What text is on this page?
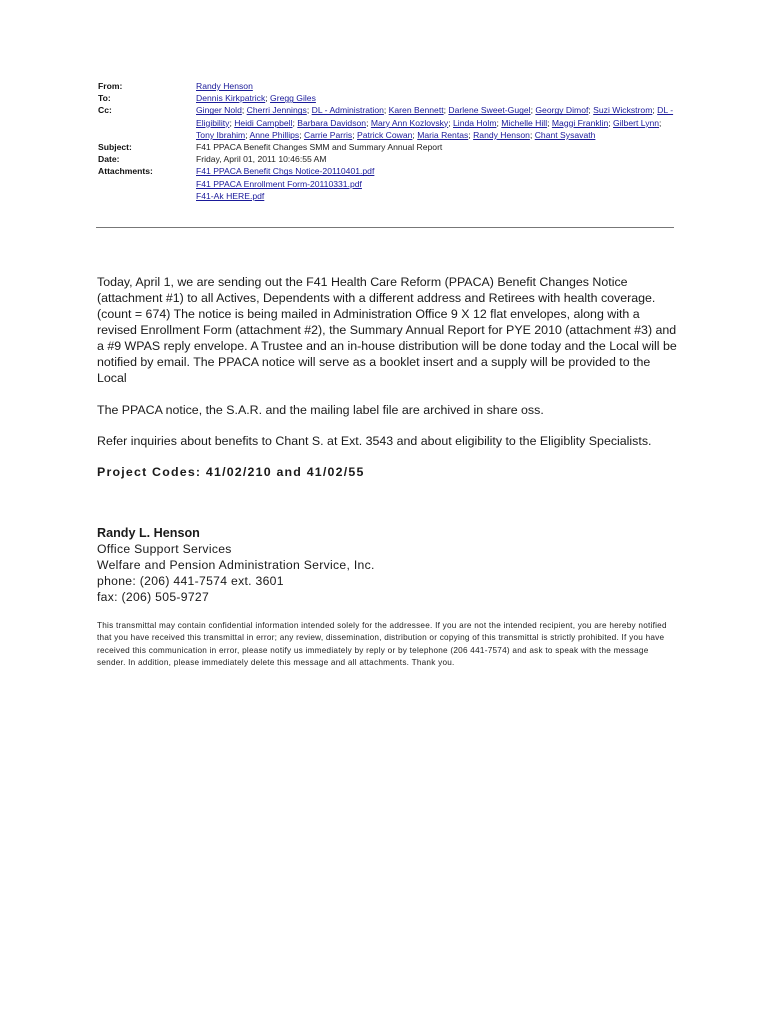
From:	Randy Henson
To:	Dennis Kirkpatrick; Gregg Giles
Cc:	Ginger Nold; Cherri Jennings; DL - Administration; Karen Bennett; Darlene Sweet-Gugel; Georgy Dimof; Suzi Wickstrom; DL - Eligibility; Heidi Campbell; Barbara Davidson; Mary Ann Kozlovsky; Linda Holm; Michelle Hill; Maggi Franklin; Gilbert Lynn; Tony Ibrahim; Anne Phillips; Carrie Parris; Patrick Cowan; Maria Rentas; Randy Henson; Chant Sysavath
Subject:	F41 PPACA Benefit Changes SMM and Summary Annual Report
Date:	Friday, April 01, 2011 10:46:55 AM
Attachments:	F41 PPACA Benefit Chgs Notice-20110401.pdf
F41 PPACA Enrollment Form-20110331.pdf
F41-Ak HERE.pdf

Today, April 1, we are sending out the F41 Health Care Reform (PPACA) Benefit Changes Notice (attachment #1) to all Actives, Dependents with a different address and Retirees with health coverage. (count = 674) The notice is being mailed in Administration Office 9 X 12 flat envelopes, along with a revised Enrollment Form (attachment #2), the Summary Annual Report for PYE 2010 (attachment #3) and a #9 WPAS reply envelope. A Trustee and an in-house distribution will be done today and the Local will be notified by email. The PPACA notice will serve as a booklet insert and a supply will be provided to the Local

The PPACA notice, the S.A.R. and the mailing label file are archived in share oss.

Refer inquiries about benefits to Chant S. at Ext. 3543 and about eligibility to the Eligiblity Specialists.

Project Codes: 41/02/210 and 41/02/55

Randy L. Henson
Office Support Services
Welfare and Pension Administration Service, Inc.
phone: (206) 441-7574 ext. 3601
fax: (206) 505-9727
This transmittal may contain confidential information intended solely for the addressee. If you are not the intended recipient, you are hereby notified that you have received this transmittal in error; any review, dissemination, distribution or copying of this transmittal is strictly prohibited. If you have received this communication in error, please notify us immediately by reply or by telephone (206 441-7574) and ask to speak with the message sender. In addition, please immediately delete this message and all attachments. Thank you.
